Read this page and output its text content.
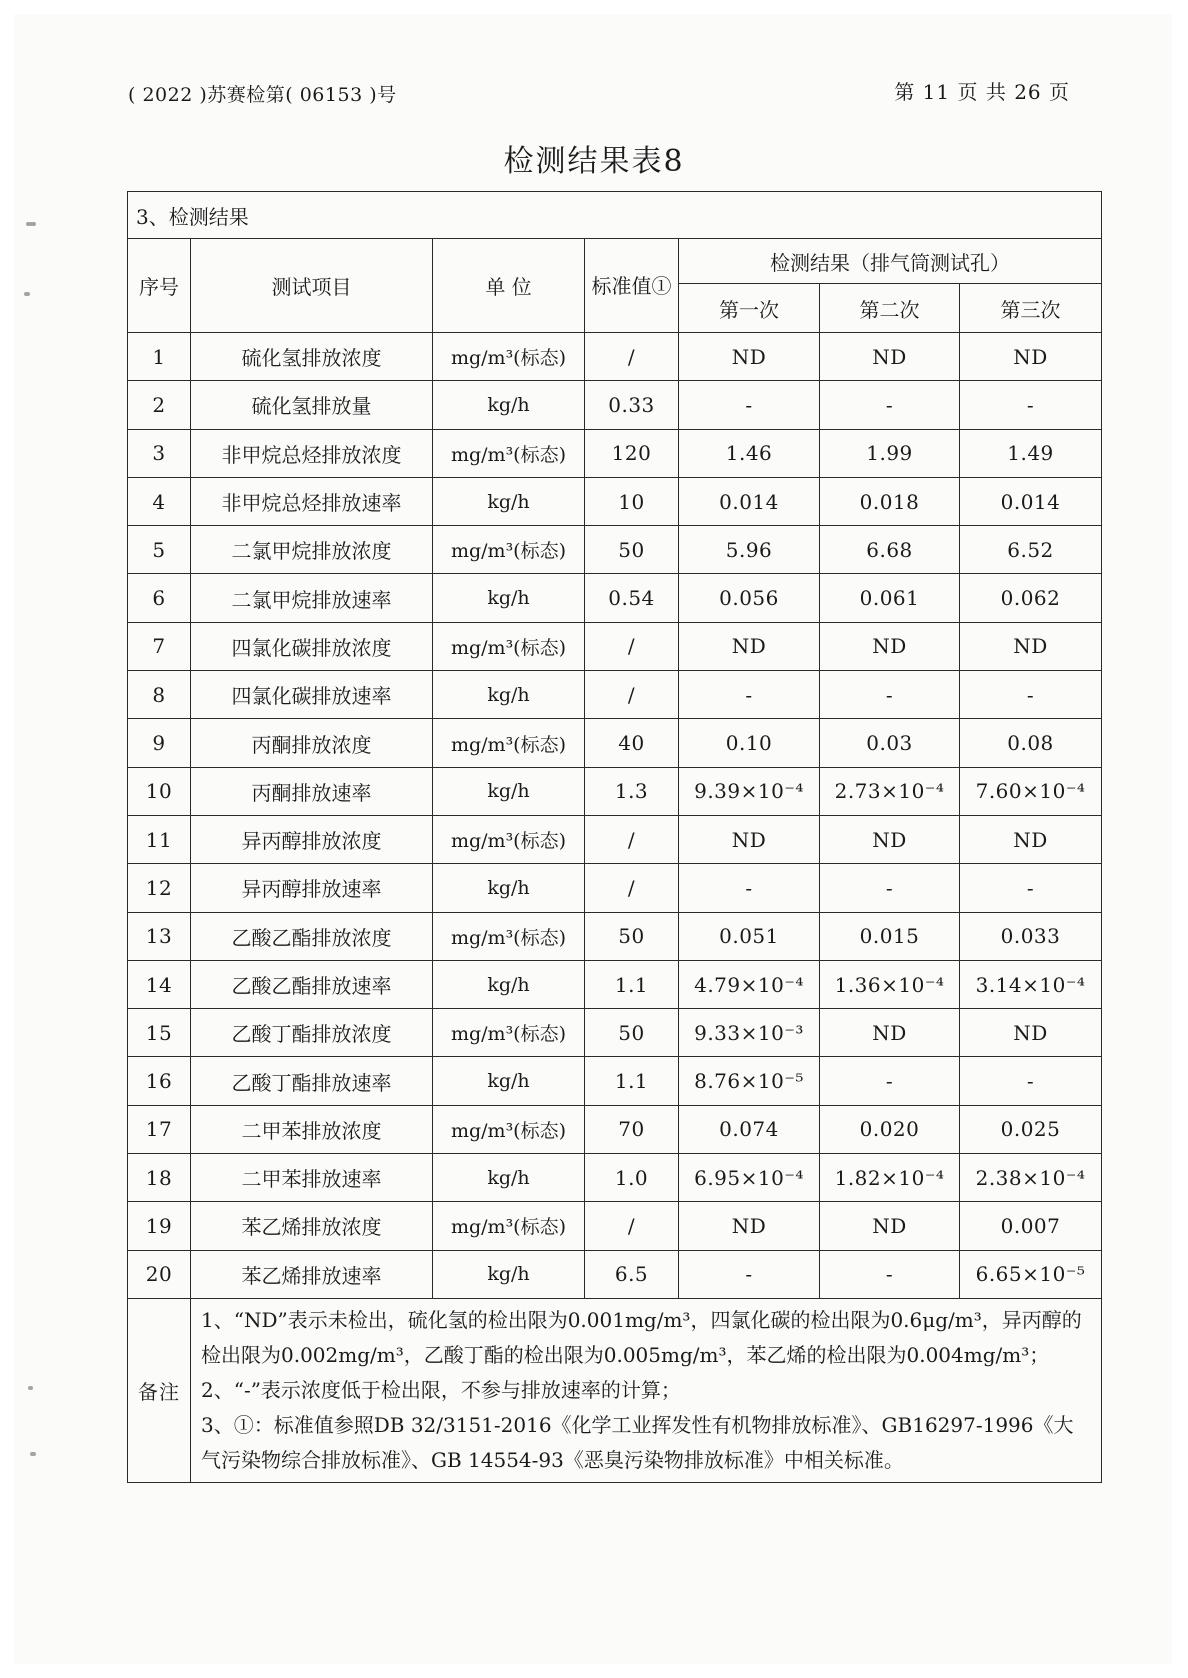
( 2022 )苏赛检第( 06153 )号	第 11 页 共 26 页
检测结果表8
3、检测结果						
序号	测试项目	单 位	标准值①	检测结果（排气筒测试孔）		
				第一次	第二次	第三次
1	硫化氢排放浓度	mg/m³(标态)	/	ND	ND	ND
2	硫化氢排放量	kg/h	0.33	-	-	-
3	非甲烷总烃排放浓度	mg/m³(标态)	120	1.46	1.99	1.49
4	非甲烷总烃排放速率	kg/h	10	0.014	0.018	0.014
5	二氯甲烷排放浓度	mg/m³(标态)	50	5.96	6.68	6.52
6	二氯甲烷排放速率	kg/h	0.54	0.056	0.061	0.062
7	四氯化碳排放浓度	mg/m³(标态)	/	ND	ND	ND
8	四氯化碳排放速率	kg/h	/	-	-	-
9	丙酮排放浓度	mg/m³(标态)	40	0.10	0.03	0.08
10	丙酮排放速率	kg/h	1.3	9.39×10⁻⁴	2.73×10⁻⁴	7.60×10⁻⁴
11	异丙醇排放浓度	mg/m³(标态)	/	ND	ND	ND
12	异丙醇排放速率	kg/h	/	-	-	-
13	乙酸乙酯排放浓度	mg/m³(标态)	50	0.051	0.015	0.033
14	乙酸乙酯排放速率	kg/h	1.1	4.79×10⁻⁴	1.36×10⁻⁴	3.14×10⁻⁴
15	乙酸丁酯排放浓度	mg/m³(标态)	50	9.33×10⁻³	ND	ND
16	乙酸丁酯排放速率	kg/h	1.1	8.76×10⁻⁵	-	-
17	二甲苯排放浓度	mg/m³(标态)	70	0.074	0.020	0.025
18	二甲苯排放速率	kg/h	1.0	6.95×10⁻⁴	1.82×10⁻⁴	2.38×10⁻⁴
19	苯乙烯排放浓度	mg/m³(标态)	/	ND	ND	0.007
20	苯乙烯排放速率	kg/h	6.5	-	-	6.65×10⁻⁵
备注	1、“ND”表示未检出，硫化氢的检出限为0.001mg/m³，四氯化碳的检出限为0.6μg/m³，异丙醇的检出限为0.002mg/m³，乙酸丁酯的检出限为0.005mg/m³，苯乙烯的检出限为0.004mg/m³；

2、“-”表示浓度低于检出限，不参与排放速率的计算；

3、①：标准值参照DB 32/3151-2016《化学工业挥发性有机物排放标准》、GB16297-1996《大气污染物综合排放标准》、GB 14554-93《恶臭污染物排放标准》中相关标准。					
